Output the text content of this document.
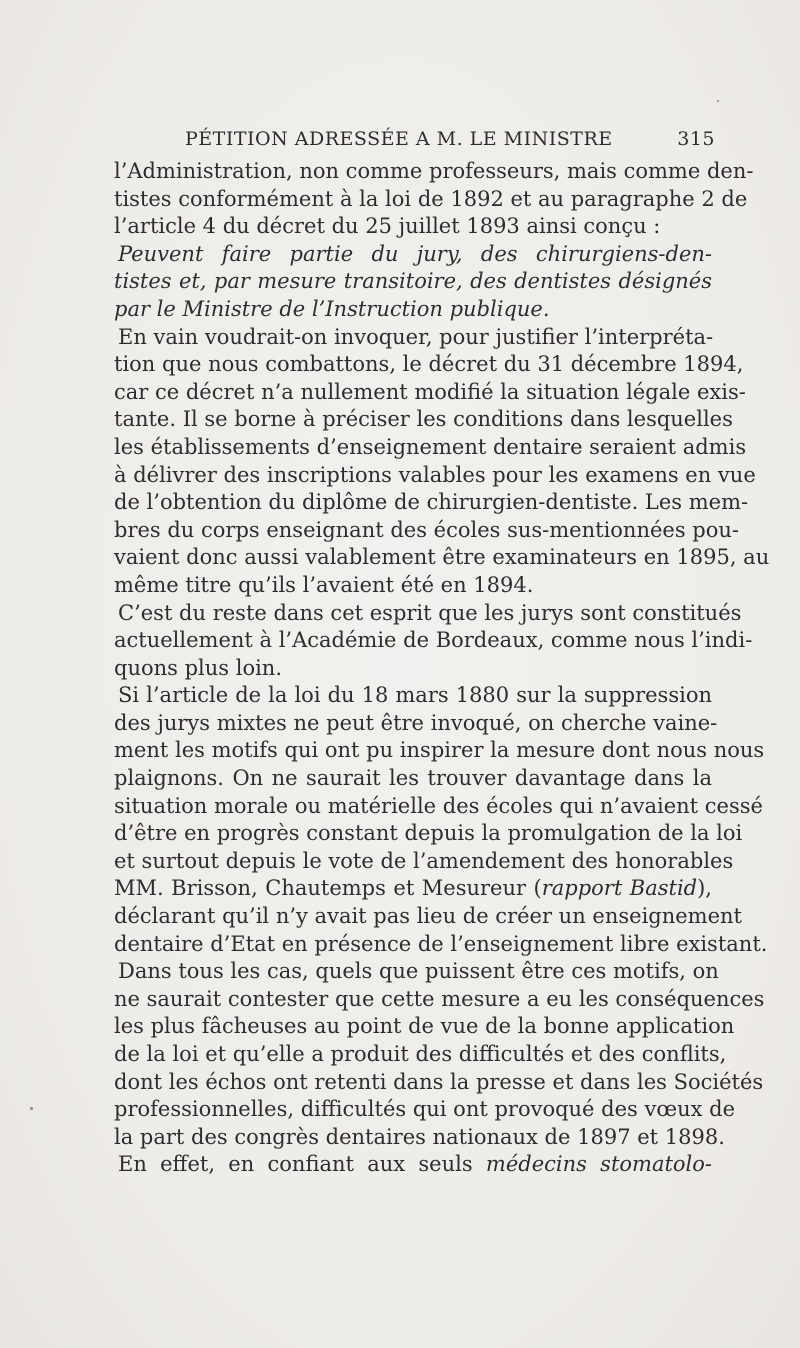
PÉTITION ADRESSÉE A M. LE MINISTRE	315
l’Administration, non comme professeurs, mais comme den-
tistes conformément à la loi de 1892 et au paragraphe 2 de
l’article 4 du décret du 25 juillet 1893 ainsi conçu :
Peuvent faire partie du jury, des chirurgiens-den-
tistes et, par mesure transitoire, des dentistes désignés
par le Ministre de l’Instruction publique.
En vain voudrait-on invoquer, pour justifier l’interpréta-
tion que nous combattons, le décret du 31 décembre 1894,
car ce décret n’a nullement modifié la situation légale exis-
tante. Il se borne à préciser les conditions dans lesquelles
les établissements d’enseignement dentaire seraient admis
à délivrer des inscriptions valables pour les examens en vue
de l’obtention du diplôme de chirurgien-dentiste. Les mem-
bres du corps enseignant des écoles sus-mentionnées pou-
vaient donc aussi valablement être examinateurs en 1895, au
même titre qu’ils l’avaient été en 1894.
C’est du reste dans cet esprit que les jurys sont constitués
actuellement à l’Académie de Bordeaux, comme nous l’indi-
quons plus loin.
Si l’article de la loi du 18 mars 1880 sur la suppression
des jurys mixtes ne peut être invoqué, on cherche vaine-
ment les motifs qui ont pu inspirer la mesure dont nous nous
plaignons. On ne saurait les trouver davantage dans la
situation morale ou matérielle des écoles qui n’avaient cessé
d’être en progrès constant depuis la promulgation de la loi
et surtout depuis le vote de l’amendement des honorables
MM. Brisson, Chautemps et Mesureur (rapport Bastid),
déclarant qu’il n’y avait pas lieu de créer un enseignement
dentaire d’Etat en présence de l’enseignement libre existant.
Dans tous les cas, quels que puissent être ces motifs, on
ne saurait contester que cette mesure a eu les conséquences
les plus fâcheuses au point de vue de la bonne application
de la loi et qu’elle a produit des difficultés et des conflits,
dont les échos ont retenti dans la presse et dans les Sociétés
professionnelles, difficultés qui ont provoqué des vœux de
la part des congrès dentaires nationaux de 1897 et 1898.
En effet, en confiant aux seuls médecins stomatolo-
